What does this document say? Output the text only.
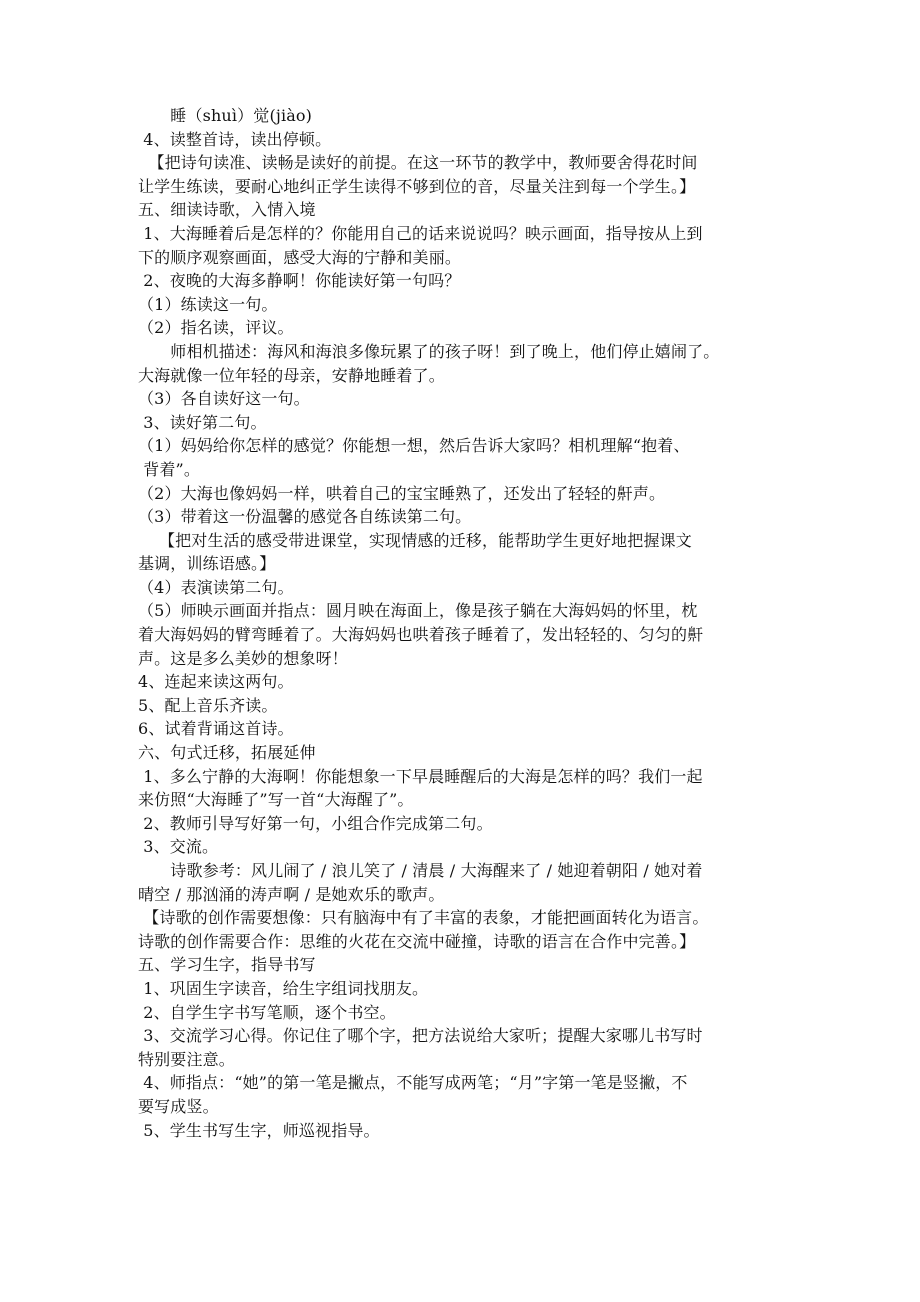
　　睡（shuì）觉(jiào)
4、读整首诗，读出停顿。
【把诗句读准、读畅是读好的前提。在这一环节的教学中，教师要舍得花时间
让学生练读，要耐心地纠正学生读得不够到位的音，尽量关注到每一个学生。】
五、细读诗歌，入情入境
1、大海睡着后是怎样的？你能用自己的话来说说吗？映示画面，指导按从上到
下的顺序观察画面，感受大海的宁静和美丽。
2、夜晚的大海多静啊！你能读好第一句吗？
（1）练读这一句。
（2）指名读，评议。
　　师相机描述：海风和海浪多像玩累了的孩子呀！到了晚上，他们停止嬉闹了。
大海就像一位年轻的母亲，安静地睡着了。
（3）各自读好这一句。
3、读好第二句。
（1）妈妈给你怎样的感觉？你能想一想，然后告诉大家吗？相机理解“抱着、
背着”。
（2）大海也像妈妈一样，哄着自己的宝宝睡熟了，还发出了轻轻的鼾声。
（3）带着这一份温馨的感觉各自练读第二句。
【把对生活的感受带进课堂，实现情感的迁移，能帮助学生更好地把握课文
基调，训练语感。】
（4）表演读第二句。
（5）师映示画面并指点：圆月映在海面上，像是孩子躺在大海妈妈的怀里，枕
着大海妈妈的臂弯睡着了。大海妈妈也哄着孩子睡着了，发出轻轻的、匀匀的鼾
声。这是多么美妙的想象呀！
4、连起来读这两句。
5、配上音乐齐读。
6、试着背诵这首诗。
六、句式迁移，拓展延伸
1、多么宁静的大海啊！你能想象一下早晨睡醒后的大海是怎样的吗？我们一起
来仿照“大海睡了”写一首“大海醒了”。
2、教师引导写好第一句，小组合作完成第二句。
3、交流。
　　诗歌参考：风儿闹了 / 浪儿笑了 / 清晨 / 大海醒来了 / 她迎着朝阳 / 她对着
晴空 / 那汹涌的涛声啊 / 是她欢乐的歌声。
【诗歌的创作需要想像：只有脑海中有了丰富的表象，才能把画面转化为语言。
诗歌的创作需要合作：思维的火花在交流中碰撞，诗歌的语言在合作中完善。】
五、学习生字，指导书写
1、巩固生字读音，给生字组词找朋友。
2、自学生字书写笔顺，逐个书空。
3、交流学习心得。你记住了哪个字，把方法说给大家听；提醒大家哪儿书写时
特别要注意。
4、师指点：“她”的第一笔是撇点，不能写成两笔；“月”字第一笔是竖撇，不
要写成竖。
5、学生书写生字，师巡视指导。
